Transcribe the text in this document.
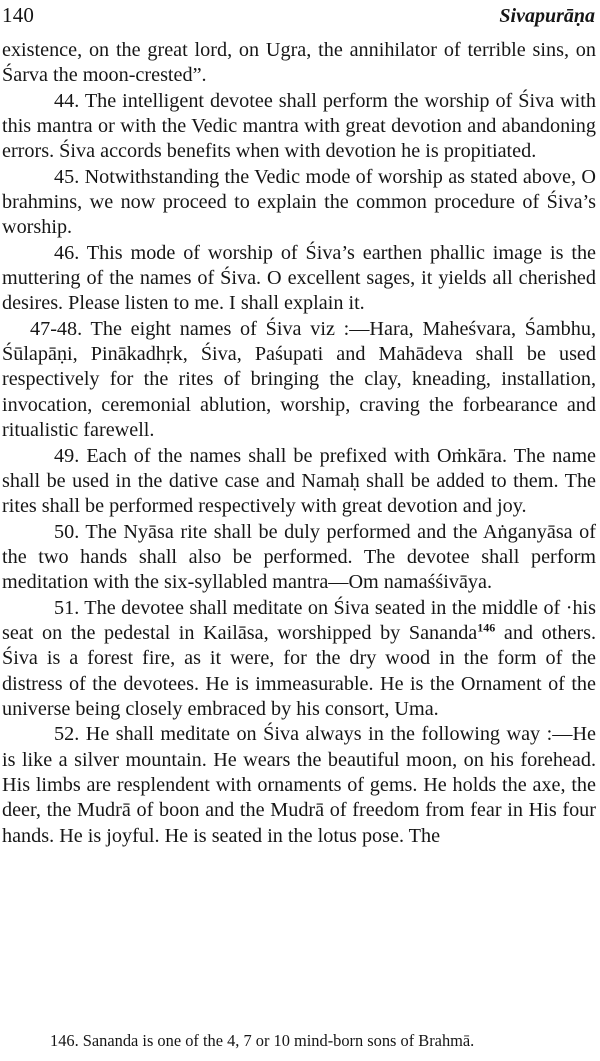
140	Sivapurāṇa

existence, on the great lord, on Ugra, the annihilator of terrible sins, on Śarva the moon-crested”.

44. The intelligent devotee shall perform the worship of Śiva with this mantra or with the Vedic mantra with great devotion and abandoning errors. Śiva accords benefits when with devotion he is propitiated.

45. Notwithstanding the Vedic mode of worship as stated above, O brahmins, we now proceed to explain the common procedure of Śiva’s worship.

46. This mode of worship of Śiva’s earthen phallic image is the muttering of the names of Śiva. O excellent sages, it yields all cherished desires. Please listen to me. I shall explain it.

47-48. The eight names of Śiva viz :—Hara, Maheśvara, Śambhu, Śūlapāṇi, Pinākadhṛk, Śiva, Paśupati and Mahādeva shall be used respectively for the rites of bringing the clay, kneading, installation, invocation, ceremonial ablution, worship, craving the forbearance and ritualistic farewell.

49. Each of the names shall be prefixed with Oṁkāra. The name shall be used in the dative case and Namaḥ shall be added to them. The rites shall be performed respectively with great devotion and joy.

50. The Nyāsa rite shall be duly performed and the Aṅganyāsa of the two hands shall also be performed. The devotee shall perform meditation with the six-syllabled mantra—Om namaśśivāya.

51. The devotee shall meditate on Śiva seated in the middle of ·his seat on the pedestal in Kailāsa, worshipped by Sananda$^{146}$ and others. Śiva is a forest fire, as it were, for the dry wood in the form of the distress of the devotees. He is immeasurable. He is the Ornament of the universe being closely embraced by his consort, Uma.

52. He shall meditate on Śiva always in the following way :—He is like a silver mountain. He wears the beautiful moon, on his forehead. His limbs are resplendent with ornaments of gems. He holds the axe, the deer, the Mudrā of boon and the Mudrā of freedom from fear in His four hands. He is joyful. He is seated in the lotus pose. The

146. Sananda is one of the 4, 7 or 10 mind-born sons of Brahmā.
